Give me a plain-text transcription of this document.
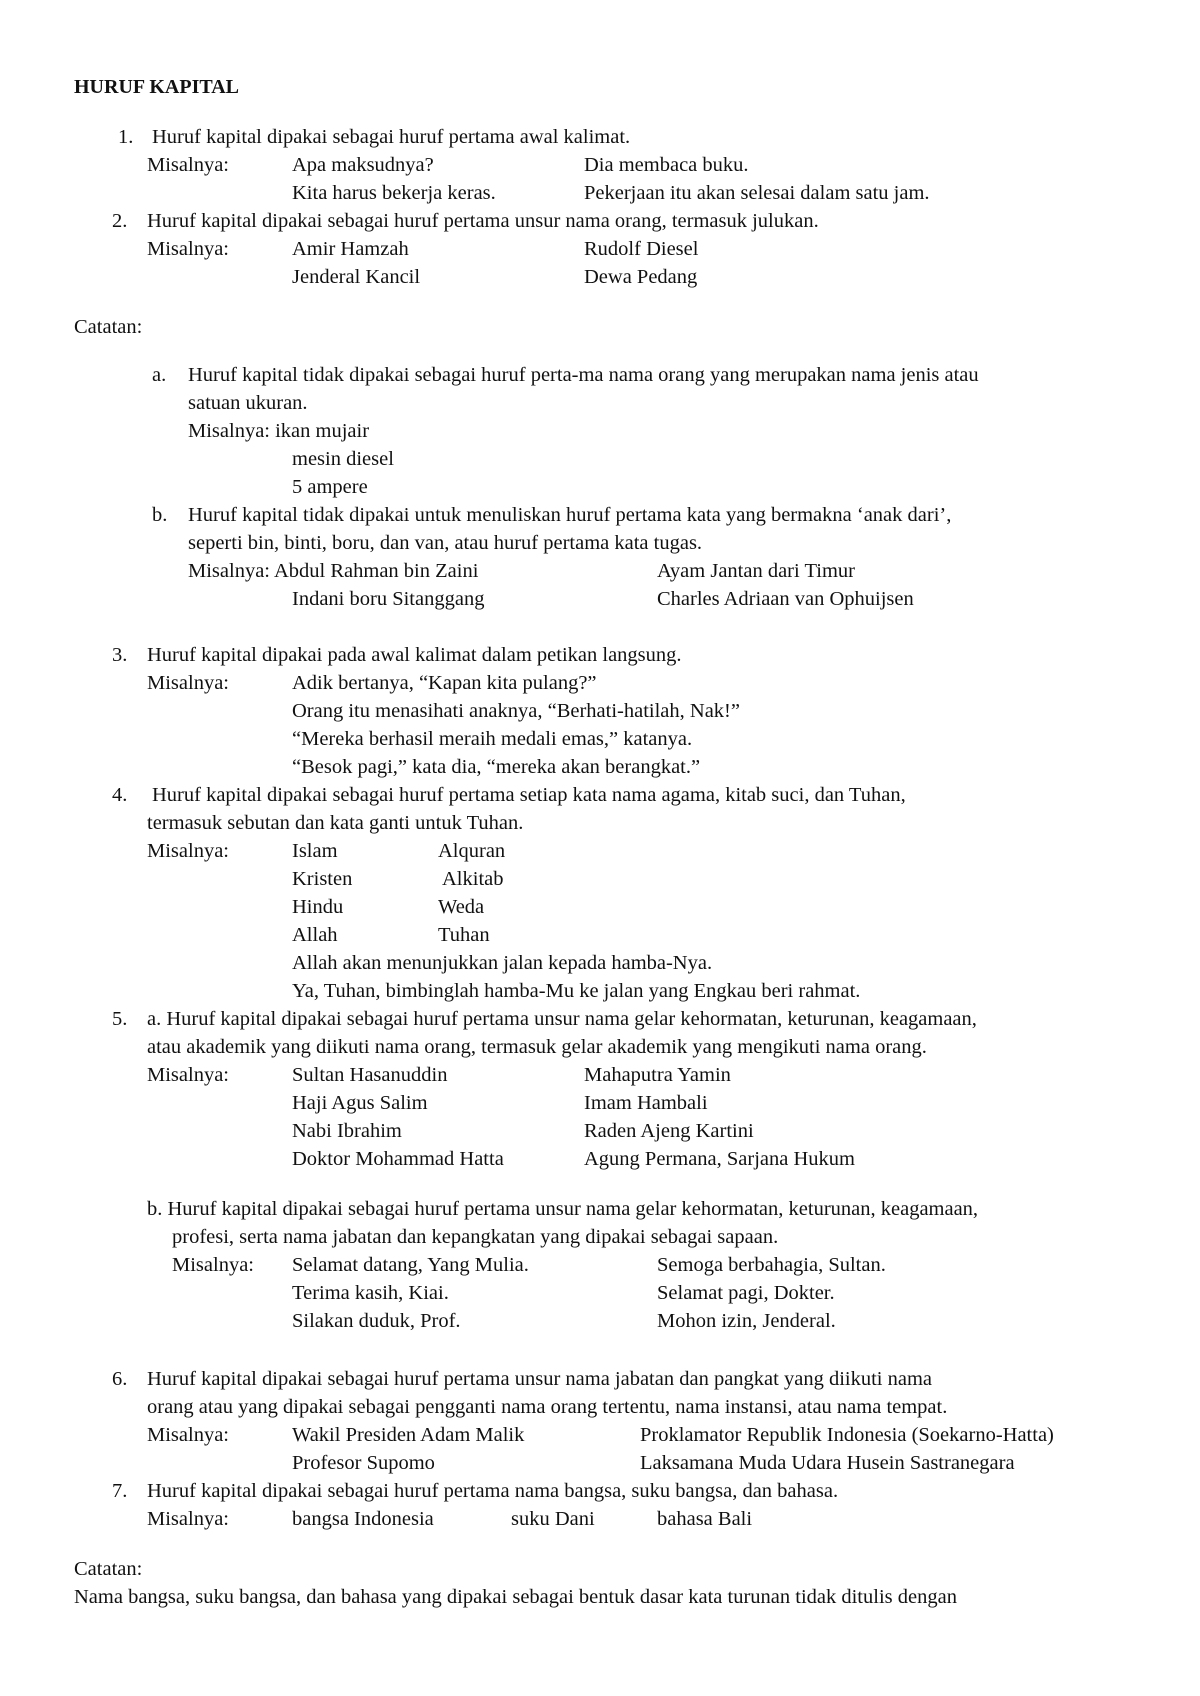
HURUF KAPITAL
1. Huruf kapital dipakai sebagai huruf pertama awal kalimat.
Misalnya:	Apa maksudnya?	Dia membaca buku.
Kita harus bekerja keras.	Pekerjaan itu akan selesai dalam satu jam.
2. Huruf kapital dipakai sebagai huruf pertama unsur nama orang, termasuk julukan.
Misalnya:	Amir Hamzah	Rudolf Diesel
Jenderal Kancil	Dewa Pedang
Catatan:
a. Huruf kapital tidak dipakai sebagai huruf perta-ma nama orang yang merupakan nama jenis atau
satuan ukuran.
Misalnya: ikan mujair
mesin diesel
5 ampere
b. Huruf kapital tidak dipakai untuk menuliskan huruf pertama kata yang bermakna ‘anak dari’,
seperti bin, binti, boru, dan van, atau huruf pertama kata tugas.
Misalnya: Abdul Rahman bin Zaini	Ayam Jantan dari Timur
Indani boru Sitanggang	Charles Adriaan van Ophuijsen
3. Huruf kapital dipakai pada awal kalimat dalam petikan langsung.
Misalnya:	Adik bertanya, “Kapan kita pulang?”
Orang itu menasihati anaknya, “Berhati-hatilah, Nak!”
“Mereka berhasil meraih medali emas,” katanya.
“Besok pagi,” kata dia, “mereka akan berangkat.”
4. Huruf kapital dipakai sebagai huruf pertama setiap kata nama agama, kitab suci, dan Tuhan,
termasuk sebutan dan kata ganti untuk Tuhan.
Misalnya:	Islam	Alquran
Kristen	Alkitab
Hindu	Weda
Allah	Tuhan
Allah akan menunjukkan jalan kepada hamba-Nya.
Ya, Tuhan, bimbinglah hamba-Mu ke jalan yang Engkau beri rahmat.
5. a. Huruf kapital dipakai sebagai huruf pertama unsur nama gelar kehormatan, keturunan, keagamaan,
atau akademik yang diikuti nama orang, termasuk gelar akademik yang mengikuti nama orang.
Misalnya:	Sultan Hasanuddin	Mahaputra Yamin
Haji Agus Salim	Imam Hambali
Nabi Ibrahim	Raden Ajeng Kartini
Doktor Mohammad Hatta	Agung Permana, Sarjana Hukum
b. Huruf kapital dipakai sebagai huruf pertama unsur nama gelar kehormatan, keturunan, keagamaan,
profesi, serta nama jabatan dan kepangkatan yang dipakai sebagai sapaan.
Misalnya: Selamat datang, Yang Mulia.	Semoga berbahagia, Sultan.
Terima kasih, Kiai.	Selamat pagi, Dokter.
Silakan duduk, Prof.	Mohon izin, Jenderal.
6. Huruf kapital dipakai sebagai huruf pertama unsur nama jabatan dan pangkat yang diikuti nama
orang atau yang dipakai sebagai pengganti nama orang tertentu, nama instansi, atau nama tempat.
Misalnya:	Wakil Presiden Adam Malik	Proklamator Republik Indonesia (Soekarno-Hatta)
Profesor Supomo	Laksamana Muda Udara Husein Sastranegara
7. Huruf kapital dipakai sebagai huruf pertama nama bangsa, suku bangsa, dan bahasa.
Misalnya:	bangsa Indonesia	suku Dani	bahasa Bali
Catatan:
Nama bangsa, suku bangsa, dan bahasa yang dipakai sebagai bentuk dasar kata turunan tidak ditulis dengan
